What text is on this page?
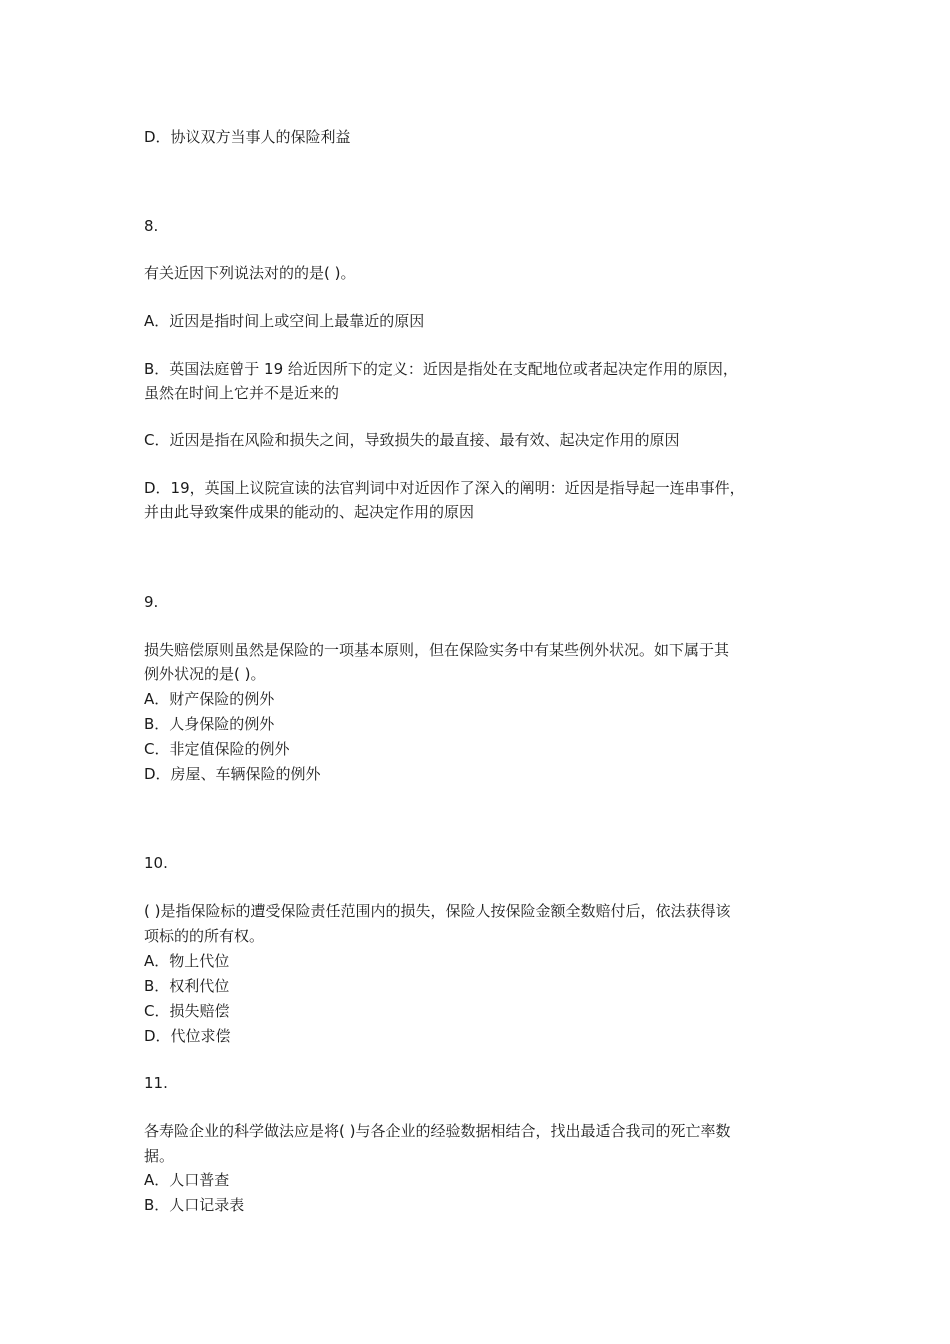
D．协议双方当事人的保险利益
8.
有关近因下列说法对的的是( )。
A．近因是指时间上或空间上最靠近的原因
B．英国法庭曾于 19 给近因所下的定义：近因是指处在支配地位或者起决定作用的原因，
虽然在时间上它并不是近来的
C．近因是指在风险和损失之间，导致损失的最直接、最有效、起决定作用的原因
D．19，英国上议院宣读的法官判词中对近因作了深入的阐明：近因是指导起一连串事件，
并由此导致案件成果的能动的、起决定作用的原因
9.
损失赔偿原则虽然是保险的一项基本原则，但在保险实务中有某些例外状况。如下属于其
例外状况的是( )。
A．财产保险的例外
B．人身保险的例外
C．非定值保险的例外
D．房屋、车辆保险的例外
10.
( )是指保险标的遭受保险责任范围内的损失，保险人按保险金额全数赔付后，依法获得该
项标的的所有权。
A．物上代位
B．权利代位
C．损失赔偿
D．代位求偿
11.
各寿险企业的科学做法应是将( )与各企业的经验数据相结合，找出最适合我司的死亡率数
据。
A．人口普查
B．人口记录表
